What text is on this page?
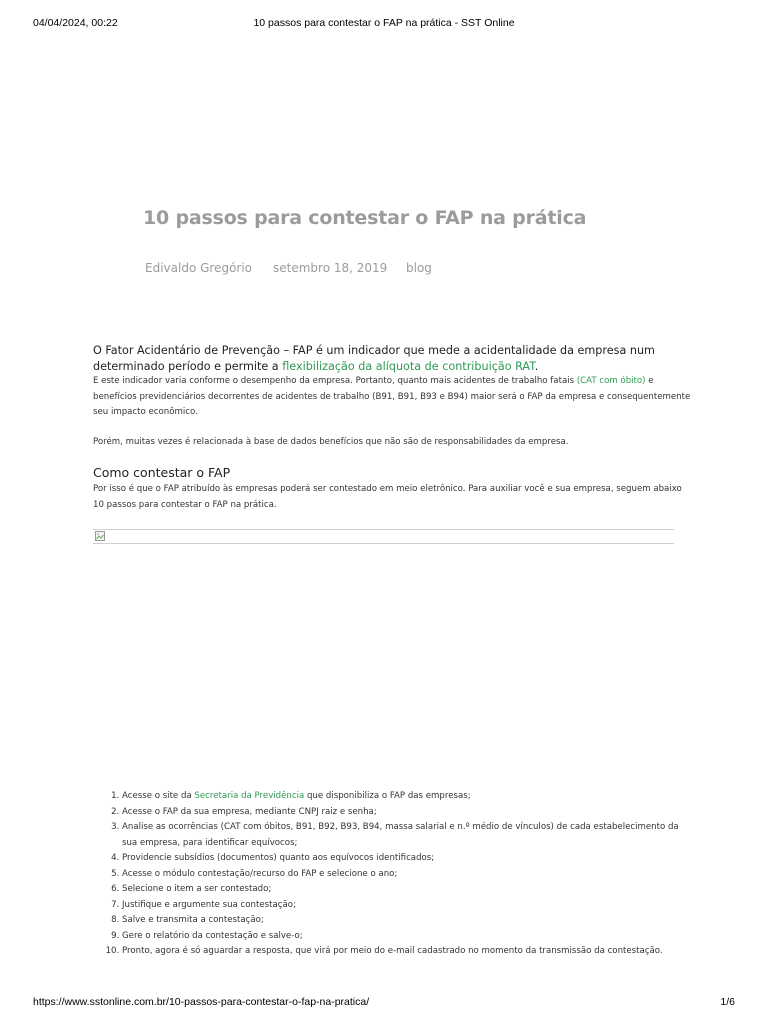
04/04/2024, 00:22	10 passos para contestar o FAP na prática - SST Online
10 passos para contestar o FAP na prática
Edivaldo Gregório setembro 18, 2019 blog

O Fator Acidentário de Prevenção – FAP é um indicador que mede a acidentalidade da empresa num determinado período e permite a flexibilização da alíquota de contribuição RAT.

E este indicador varia conforme o desempenho da empresa. Portanto, quanto mais acidentes de trabalho fatais (CAT com óbito) e benefícios previdenciários decorrentes de acidentes de trabalho (B91, B91, B93 e B94) maior será o FAP da empresa e consequentemente seu impacto econômico.

Porém, muitas vezes é relacionada à base de dados benefícios que não são de responsabilidades da empresa.

Como contestar o FAP

Por isso é que o FAP atribuído às empresas poderá ser contestado em meio eletrônico. Para auxiliar você e sua empresa, seguem abaixo 10 passos para contestar o FAP na prática.

1. Acesse o site da Secretaria da Previdência que disponibiliza o FAP das empresas;
2. Acesse o FAP da sua empresa, mediante CNPJ raiz e senha;
3. Analise as ocorrências (CAT com óbitos, B91, B92, B93, B94, massa salarial e n.º médio de vínculos) de cada estabelecimento da sua empresa, para identificar equívocos;
4. Providencie subsídios (documentos) quanto aos equívocos identificados;
5. Acesse o módulo contestação/recurso do FAP e selecione o ano;
6. Selecione o item a ser contestado;
7. Justifique e argumente sua contestação;
8. Salve e transmita a contestação;
9. Gere o relatório da contestação e salve-o;
10. Pronto, agora é só aguardar a resposta, que virá por meio do e-mail cadastrado no momento da transmissão da contestação.
https://www.sstonline.com.br/10-passos-para-contestar-o-fap-na-pratica/	1/6
